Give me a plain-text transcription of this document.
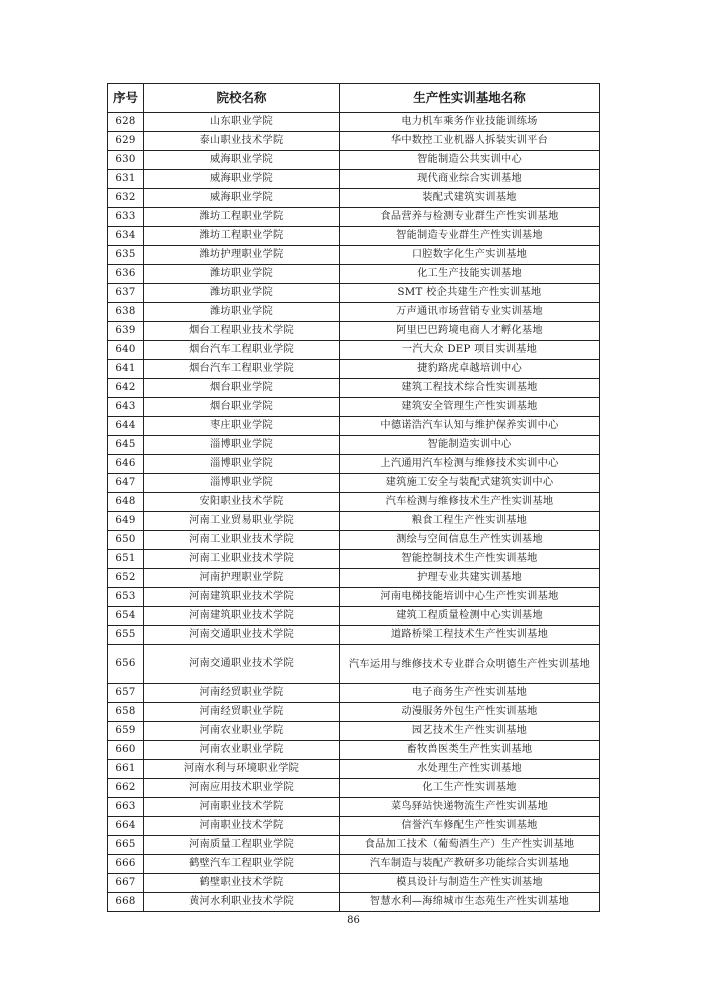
序号	院校名称	生产性实训基地名称
628	山东职业学院	电力机车乘务作业技能训练场
629	泰山职业技术学院	华中数控工业机器人拆装实训平台
630	威海职业学院	智能制造公共实训中心
631	威海职业学院	现代商业综合实训基地
632	威海职业学院	装配式建筑实训基地
633	潍坊工程职业学院	食品营养与检测专业群生产性实训基地
634	潍坊工程职业学院	智能制造专业群生产性实训基地
635	潍坊护理职业学院	口腔数字化生产实训基地
636	潍坊职业学院	化工生产技能实训基地
637	潍坊职业学院	SMT 校企共建生产性实训基地
638	潍坊职业学院	万声通讯市场营销专业实训基地
639	烟台工程职业技术学院	阿里巴巴跨境电商人才孵化基地
640	烟台汽车工程职业学院	一汽大众 DEP 项目实训基地
641	烟台汽车工程职业学院	捷豹路虎卓越培训中心
642	烟台职业学院	建筑工程技术综合性实训基地
643	烟台职业学院	建筑安全管理生产性实训基地
644	枣庄职业学院	中德诺浩汽车认知与维护保养实训中心
645	淄博职业学院	智能制造实训中心
646	淄博职业学院	上汽通用汽车检测与维修技术实训中心
647	淄博职业学院	建筑施工安全与装配式建筑实训中心
648	安阳职业技术学院	汽车检测与维修技术生产性实训基地
649	河南工业贸易职业学院	粮食工程生产性实训基地
650	河南工业职业技术学院	测绘与空间信息生产性实训基地
651	河南工业职业技术学院	智能控制技术生产性实训基地
652	河南护理职业学院	护理专业共建实训基地
653	河南建筑职业技术学院	河南电梯技能培训中心生产性实训基地
654	河南建筑职业技术学院	建筑工程质量检测中心实训基地
655	河南交通职业技术学院	道路桥梁工程技术生产性实训基地
656	河南交通职业技术学院	汽车运用与维修技术专业群合众明德生产性实训基地
657	河南经贸职业学院	电子商务生产性实训基地
658	河南经贸职业学院	动漫服务外包生产性实训基地
659	河南农业职业学院	园艺技术生产性实训基地
660	河南农业职业学院	畜牧兽医类生产性实训基地
661	河南水利与环境职业学院	水处理生产性实训基地
662	河南应用技术职业学院	化工生产性实训基地
663	河南职业技术学院	菜鸟驿站快递物流生产性实训基地
664	河南职业技术学院	信誉汽车修配生产性实训基地
665	河南质量工程职业学院	食品加工技术（葡萄酒生产）生产性实训基地
666	鹤壁汽车工程职业学院	汽车制造与装配产教研多功能综合实训基地
667	鹤壁职业技术学院	模具设计与制造生产性实训基地
668	黄河水利职业技术学院	智慧水利—海绵城市生态苑生产性实训基地
86
